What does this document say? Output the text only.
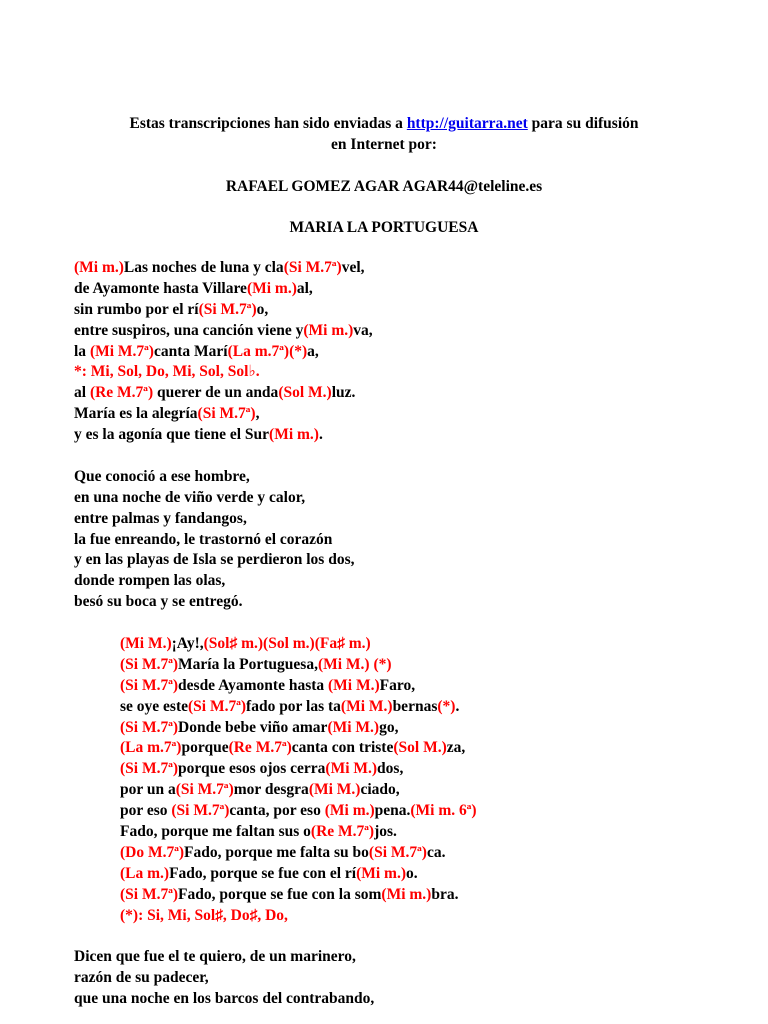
Estas transcripciones han sido enviadas a http://guitarra.net para su difusión
en Internet por:
RAFAEL GOMEZ AGAR AGAR44@teleline.es
MARIA LA PORTUGUESA
(Mi m.)Las noches de luna y cla(Si M.7ª)vel,
de Ayamonte hasta Villare(Mi m.)al,
sin rumbo por el rí(Si M.7ª)o,
entre suspiros, una canción viene y(Mi m.)va,
la (Mi M.7ª)canta Marí(La m.7ª)(*)a,
*: Mi, Sol, Do, Mi, Sol, Sol♭.
al (Re M.7ª) querer de un anda(Sol M.)luz.
María es la alegría(Si M.7ª),
y es la agonía que tiene el Sur(Mi m.).
Que conoció a ese hombre,
en una noche de viño verde y calor,
entre palmas y fandangos,
la fue enreando, le trastornó el corazón
y en las playas de Isla se perdieron los dos,
donde rompen las olas,
besó su boca y se entregó.
(Mi M.)¡Ay!,(Sol♯ m.)(Sol m.)(Fa♯ m.)
(Si M.7ª)María la Portuguesa,(Mi M.) (*)
(Si M.7ª)desde Ayamonte hasta (Mi M.)Faro,
se oye este(Si M.7ª)fado por las ta(Mi M.)bernas(*).
(Si M.7ª)Donde bebe viño amar(Mi M.)go,
(La m.7ª)porque(Re M.7ª)canta con triste(Sol M.)za,
(Si M.7ª)porque esos ojos cerra(Mi M.)dos,
por un a(Si M.7ª)mor desgra(Mi M.)ciado,
por eso (Si M.7ª)canta, por eso (Mi m.)pena.(Mi m. 6ª)
Fado, porque me faltan sus o(Re M.7ª)jos.
(Do M.7ª)Fado, porque me falta su bo(Si M.7ª)ca.
(La m.)Fado, porque se fue con el rí(Mi m.)o.
(Si M.7ª)Fado, porque se fue con la som(Mi m.)bra.
(*): Si, Mi, Sol♯, Do♯, Do,
Dicen que fue el te quiero, de un marinero,
razón de su padecer,
que una noche en los barcos del contrabando,
